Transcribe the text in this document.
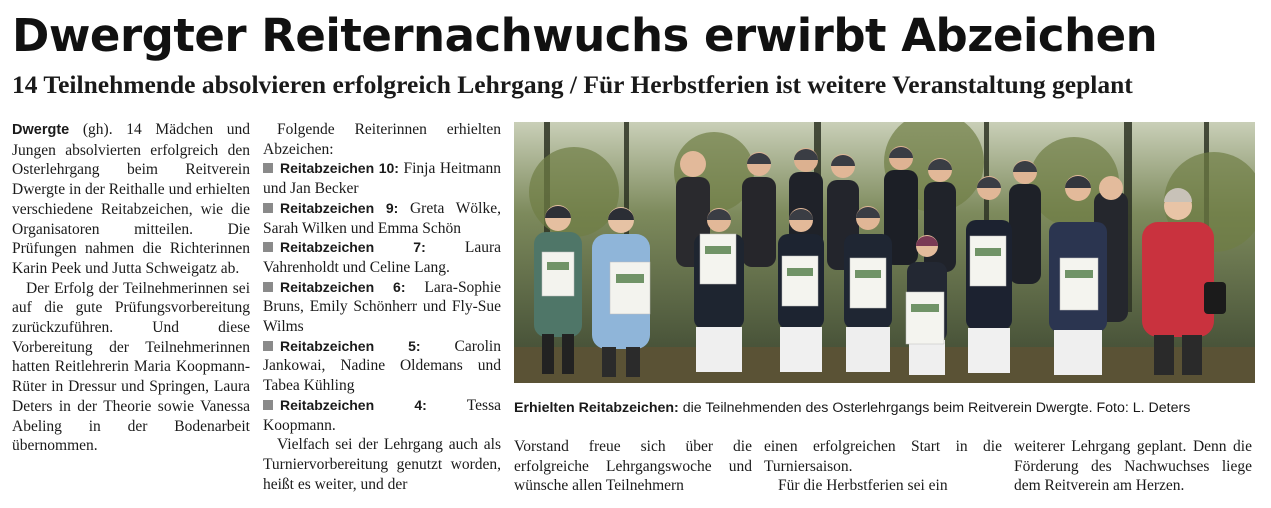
Dwergter Reiternachwuchs erwirbt Abzeichen
14 Teilnehmende absolvieren erfolgreich Lehrgang / Für Herbstferien ist weitere Veranstaltung geplant

Dwergte (gh). 14 Mädchen und Jungen absolvierten erfolgreich den Osterlehrgang beim Reitverein Dwergte in der Reithalle und erhielten verschiedene Reitabzeichen, wie die Organisatoren mitteilen. Die Prüfungen nahmen die Richterinnen Karin Peek und Jutta Schweigatz ab.

Der Erfolg der Teilnehmerinnen sei auf die gute Prüfungsvorbereitung zurückzuführen. Und diese Vorbereitung der Teilnehmerinnen hatten Reitlehrerin Maria Koopmann-Rüter in Dressur und Springen, Laura Deters in der Theorie sowie Vanessa Abeling in der Bodenarbeit übernommen.

Folgende Reiterinnen erhielten Abzeichen:

Reitabzeichen 10: Finja Heitmann und Jan Becker

Reitabzeichen 9: Greta Wölke, Sarah Wilken und Emma Schön

Reitabzeichen 7: Laura Vahrenholdt und Celine Lang.

Reitabzeichen 6: Lara-Sophie Bruns, Emily Schönherr und Fly-Sue Wilms

Reitabzeichen 5: Carolin Jankowai, Nadine Oldemans und Tabea Kühling

Reitabzeichen 4: Tessa Koopmann.

Vielfach sei der Lehrgang auch als Turniervorbereitung genutzt worden, heißt es weiter, und der

Erhielten Reitabzeichen: die Teilnehmenden des Osterlehrgangs beim Reitverein Dwergte. Foto: L. Deters

Vorstand freue sich über die erfolgreiche Lehrgangswoche und wünsche allen Teilnehmern

einen erfolgreichen Start in die Turniersaison.

Für die Herbstferien sei ein

weiterer Lehrgang geplant. Denn die Förderung des Nachwuchses liege dem Reitverein am Herzen.
